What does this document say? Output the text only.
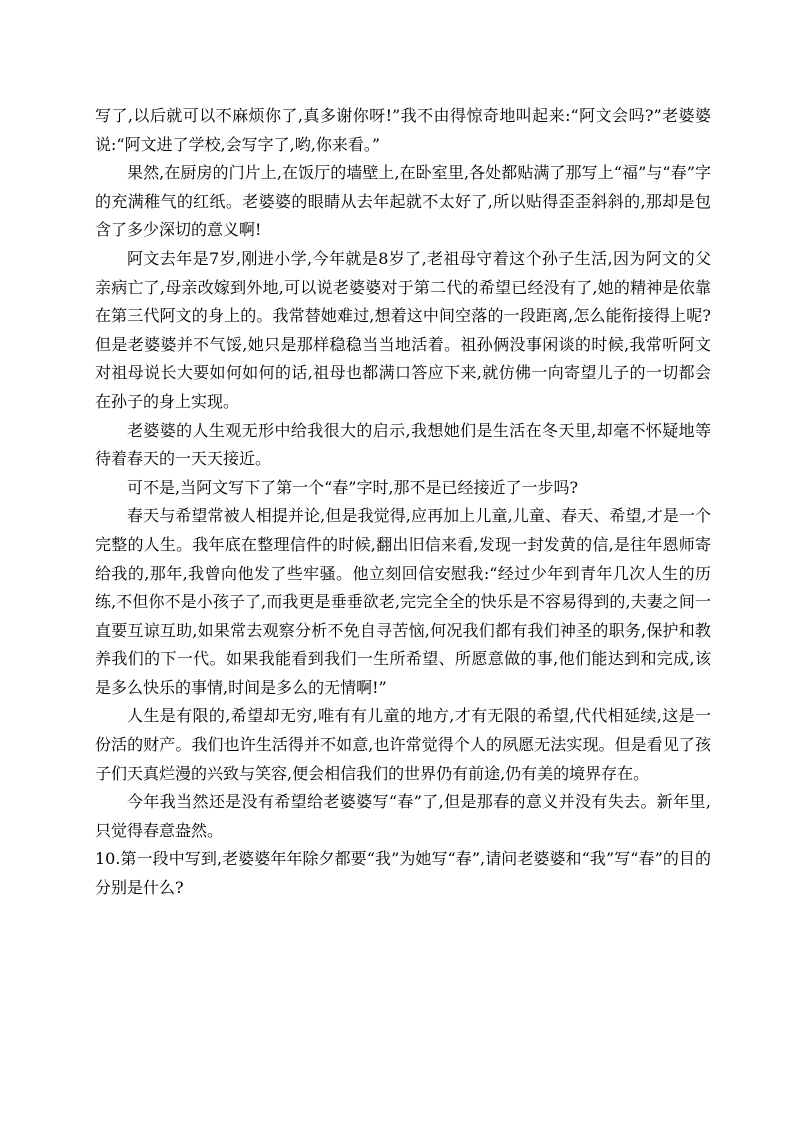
写了,以后就可以不麻烦你了,真多谢你呀!”我不由得惊奇地叫起来:“阿文会吗?”老婆婆说:“阿文进了学校,会写字了,哟,你来看。”

果然,在厨房的门片上,在饭厅的墙壁上,在卧室里,各处都贴满了那写上“福”与“春”字的充满稚气的红纸。老婆婆的眼睛从去年起就不太好了,所以贴得歪歪斜斜的,那却是包含了多少深切的意义啊!

阿文去年是7岁,刚进小学,今年就是8岁了,老祖母守着这个孙子生活,因为阿文的父亲病亡了,母亲改嫁到外地,可以说老婆婆对于第二代的希望已经没有了,她的精神是依靠在第三代阿文的身上的。我常替她难过,想着这中间空落的一段距离,怎么能衔接得上呢?但是老婆婆并不气馁,她只是那样稳稳当当地活着。祖孙俩没事闲谈的时候,我常听阿文对祖母说长大要如何如何的话,祖母也都满口答应下来,就仿佛一向寄望儿子的一切都会在孙子的身上实现。

老婆婆的人生观无形中给我很大的启示,我想她们是生活在冬天里,却毫不怀疑地等待着春天的一天天接近。

可不是,当阿文写下了第一个“春”字时,那不是已经接近了一步吗?

春天与希望常被人相提并论,但是我觉得,应再加上儿童,儿童、春天、希望,才是一个完整的人生。我年底在整理信件的时候,翻出旧信来看,发现一封发黄的信,是往年恩师寄给我的,那年,我曾向他发了些牢骚。他立刻回信安慰我:“经过少年到青年几次人生的历练,不但你不是小孩子了,而我更是垂垂欲老,完完全全的快乐是不容易得到的,夫妻之间一直要互谅互助,如果常去观察分析不免自寻苦恼,何况我们都有我们神圣的职务,保护和教养我们的下一代。如果我能看到我们一生所希望、所愿意做的事,他们能达到和完成,该是多么快乐的事情,时间是多么的无情啊!”

人生是有限的,希望却无穷,唯有有儿童的地方,才有无限的希望,代代相延续,这是一份活的财产。我们也许生活得并不如意,也许常觉得个人的夙愿无法实现。但是看见了孩子们天真烂漫的兴致与笑容,便会相信我们的世界仍有前途,仍有美的境界存在。

今年我当然还是没有希望给老婆婆写“春”了,但是那春的意义并没有失去。新年里,只觉得春意盎然。

10.第一段中写到,老婆婆年年除夕都要“我”为她写“春”,请问老婆婆和“我”写“春”的目的分别是什么?
